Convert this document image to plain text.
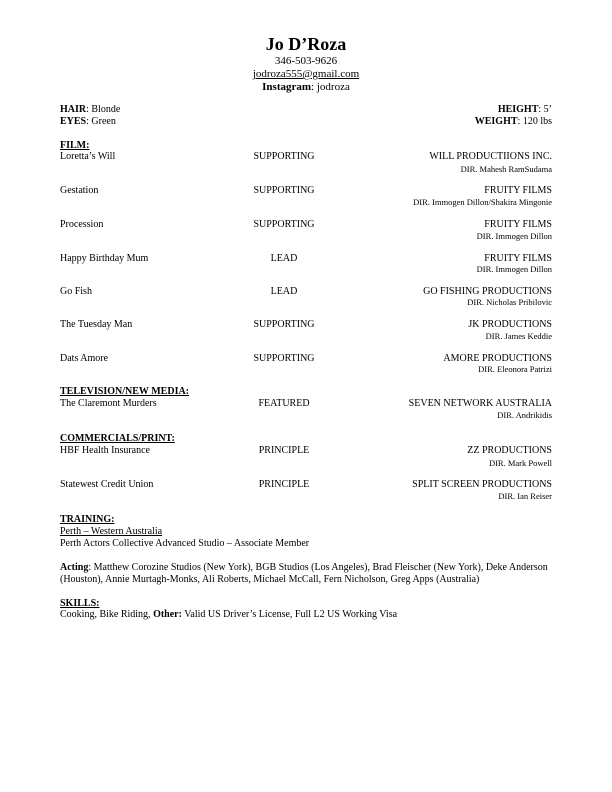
Jo D’Roza
346-503-9626
jodroza555@gmail.com
Instagram: jodroza
HAIR: Blonde
EYES: Green
HEIGHT: 5’
WEIGHT: 120 lbs
FILM:
Loretta’s Will	SUPPORTING	WILL PRODUCTIIONS INC.
DIR. Mahesh RamSudama
Gestation	SUPPORTING	FRUITY FILMS
DIR. Immogen Dillon/Shakira Mingonie
Procession	SUPPORTING	FRUITY FILMS
DIR. Immogen Dillon
Happy Birthday Mum	LEAD	FRUITY FILMS
DIR. Immogen Dillon
Go Fish	LEAD	GO FISHING PRODUCTIONS
DIR. Nicholas Pribilovic
The Tuesday Man	SUPPORTING	JK PRODUCTIONS
DIR. James Keddie
Dats Amore	SUPPORTING	AMORE PRODUCTIONS
DIR. Eleonora Patrizi
TELEVISION/NEW MEDIA:
The Claremont Murders	FEATURED	SEVEN NETWORK AUSTRALIA
DIR. Andrikidis
COMMERCIALS/PRINT:
HBF Health Insurance	PRINCIPLE	ZZ PRODUCTIONS
DIR. Mark Powell
Statewest Credit Union	PRINCIPLE	SPLIT SCREEN PRODUCTIONS
DIR. Ian Reiser
TRAINING:
Perth – Western Australia
Perth Actors Collective Advanced Studio – Associate Member
Acting: Matthew Corozine Studios (New York), BGB Studios (Los Angeles), Brad Fleischer (New York), Deke Anderson (Houston), Annie Murtagh-Monks, Ali Roberts, Michael McCall, Fern Nicholson, Greg Apps (Australia)
SKILLS:
Cooking, Bike Riding, Other: Valid US Driver’s License, Full L2 US Working Visa
